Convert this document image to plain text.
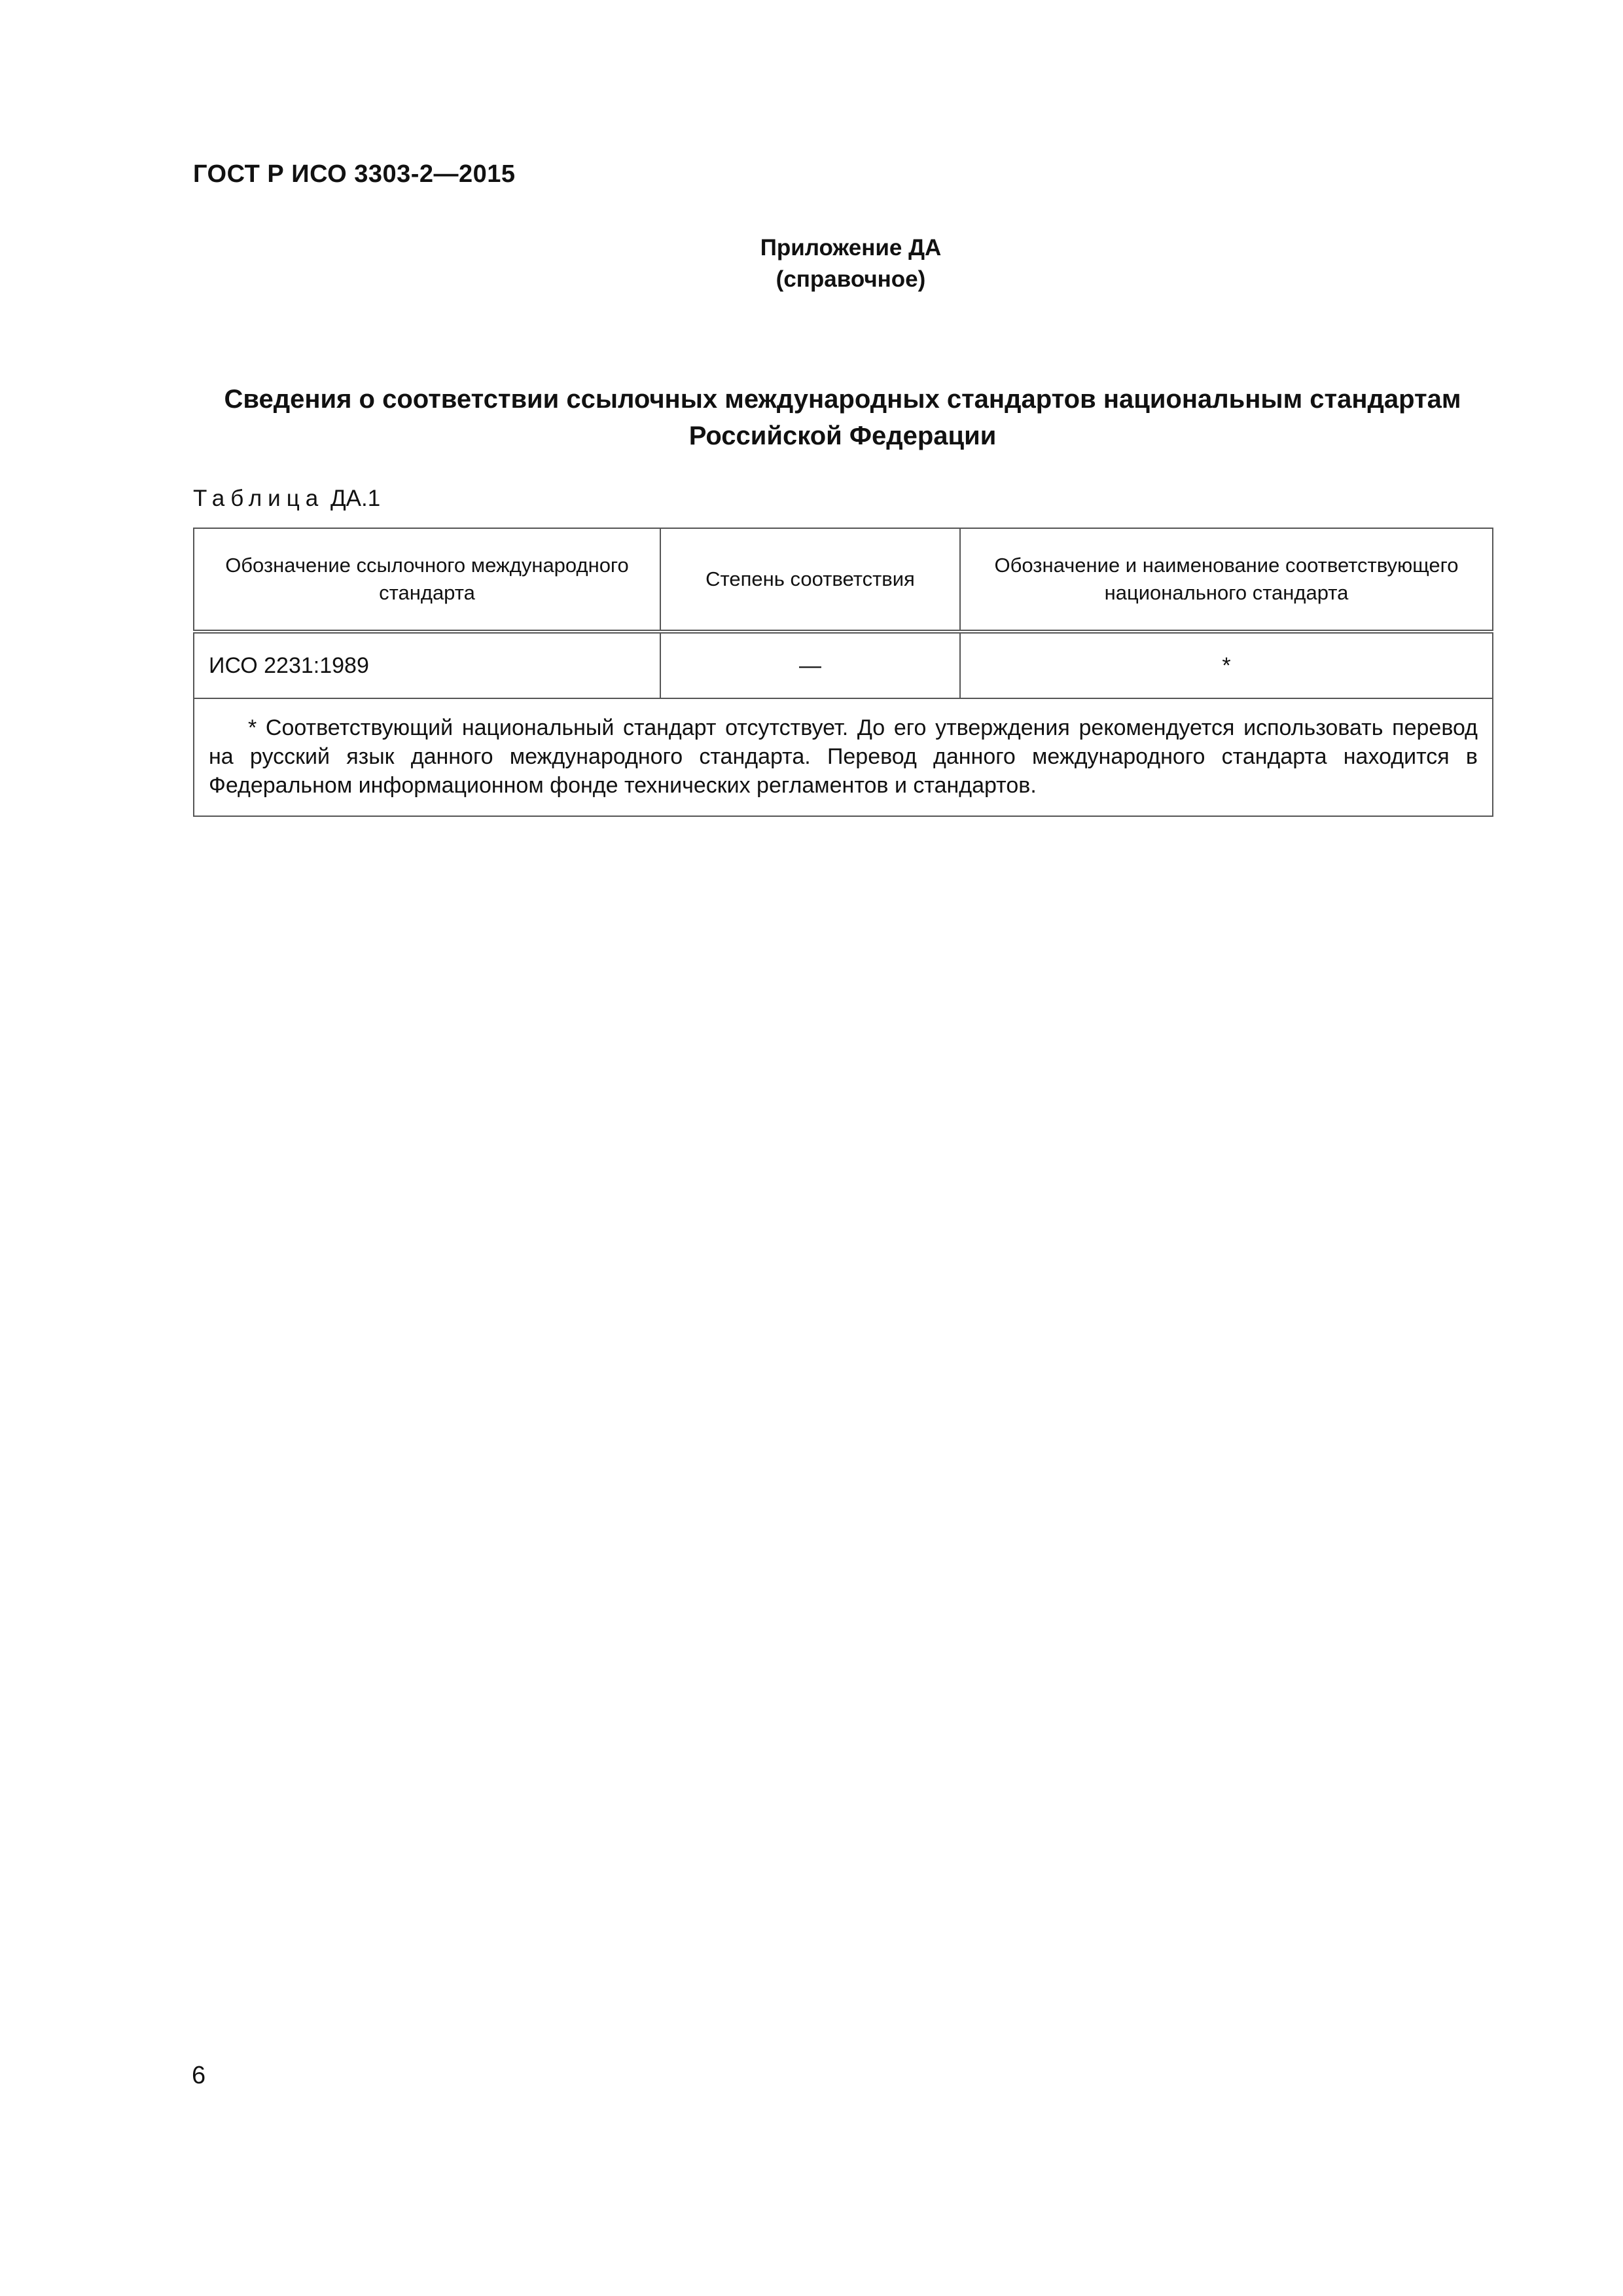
ГОСТ Р ИСО 3303-2—2015
Приложение ДА
(справочное)
Сведения о соответствии ссылочных международных стандартов национальным стандартам
Российской Федерации
Таблица ДА.1
Обозначение ссылочного международного стандарта	Степень соответствия	Обозначение и наименование соответствующего национального стандарта
ИСО 2231:1989	—	*
* Соответствующий национальный стандарт отсутствует. До его утверждения рекомендуется использовать перевод на русский язык данного международного стандарта. Перевод данного международного стандарта находится в Федеральном информационном фонде технических регламентов и стандартов.		
6
